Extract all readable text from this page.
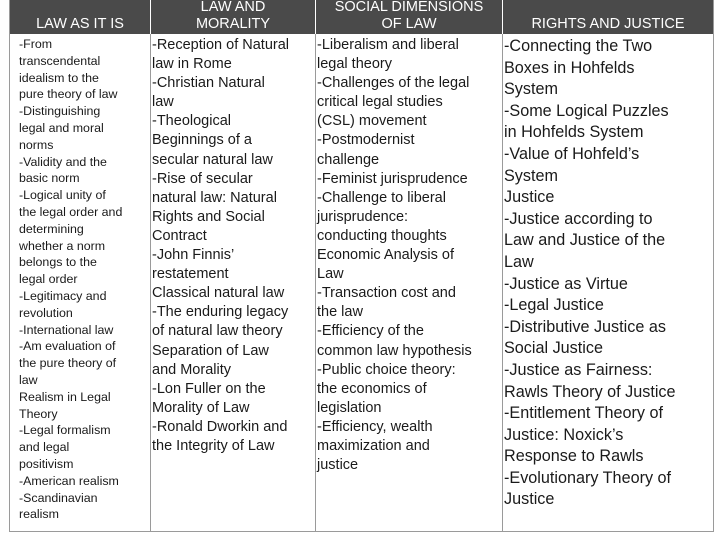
LAW AS IT IS
LAW AND
MORALITY
SOCIAL DIMENSIONS
OF LAW	RIGHTS AND JUSTICE
-From
transcendental
idealism to the
pure theory of law
-Distinguishing
legal and moral
norms
-Validity and the
basic norm
-Logical unity of
the legal order and
determining
whether a norm
belongs to the
legal order
-Legitimacy and
revolution
-International law
-Am evaluation of
the pure theory of
law
Realism in Legal
Theory
-Legal formalism
and legal
positivism
-American realism
-Scandinavian
realism
-Reception of Natural
law in Rome
-Christian Natural
law
-Theological
Beginnings of a
secular natural law
-Rise of secular
natural law: Natural
Rights and Social
Contract
-John Finnis’
restatement
Classical natural law
-The enduring legacy
of natural law theory
Separation of Law
and Morality
-Lon Fuller on the
Morality of Law
-Ronald Dworkin and
the Integrity of Law
-Liberalism and liberal
legal theory
-Challenges of the legal
critical legal studies
(CSL) movement
-Postmodernist
challenge
-Feminist jurisprudence
-Challenge to liberal
jurisprudence:
conducting thoughts
Economic Analysis of
Law
-Transaction cost and
the law
-Efficiency of the
common law hypothesis
-Public choice theory:
the economics of
legislation
-Efficiency, wealth
maximization and
justice
-Connecting the Two
Boxes in Hohfelds
System
-Some Logical Puzzles
in Hohfelds System
-Value of Hohfeld’s
System
Justice
-Justice according to
Law and Justice of the
Law
-Justice as Virtue
-Legal Justice
-Distributive Justice as
Social Justice
-Justice as Fairness:
Rawls Theory of Justice
-Entitlement Theory of
Justice: Noxick’s
Response to Rawls
-Evolutionary Theory of
Justice
